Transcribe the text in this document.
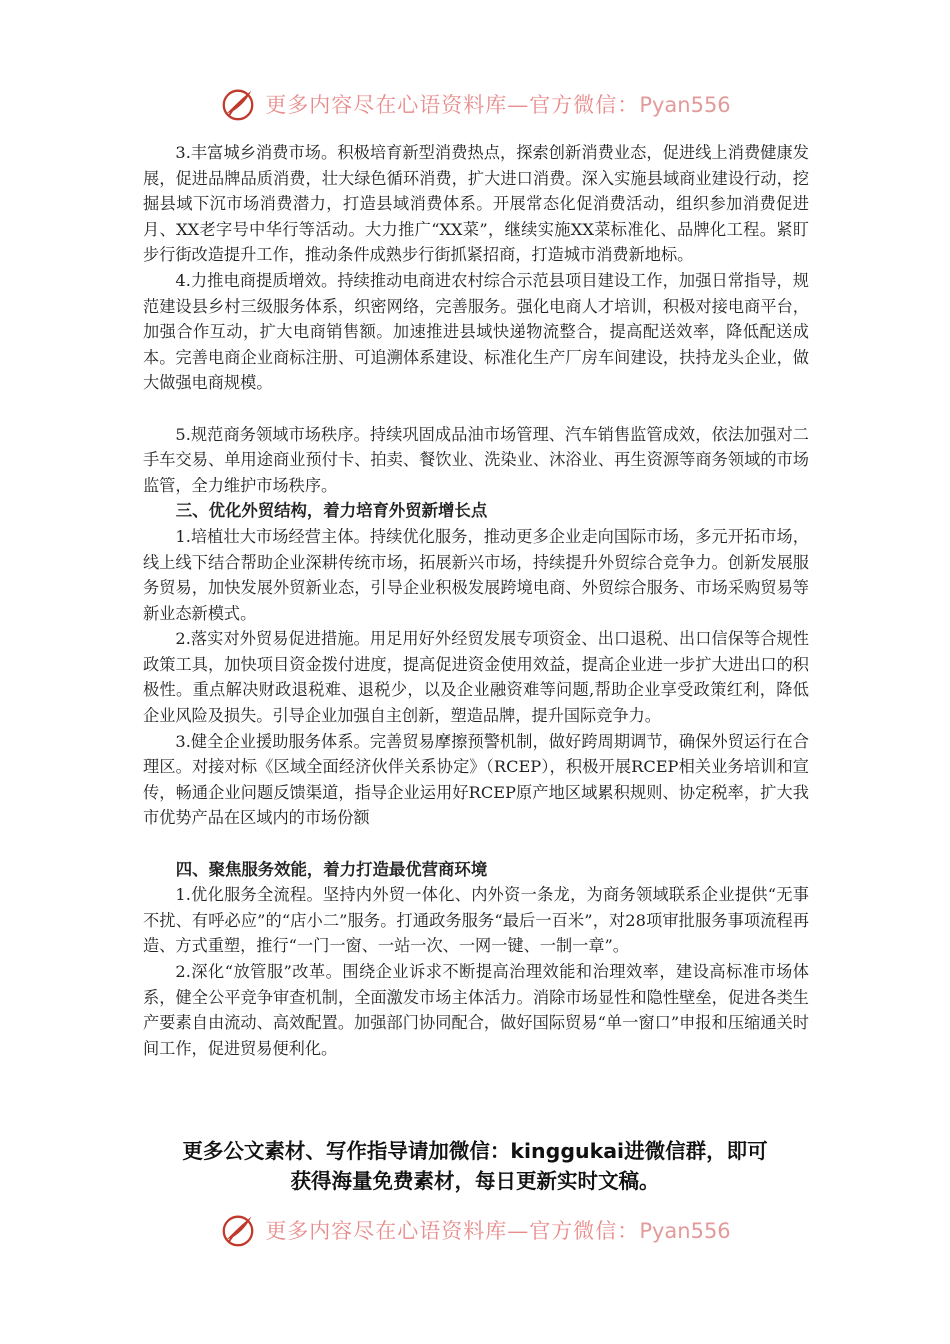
更多内容尽在心语资料库—官方微信：Pyan556

3.丰富城乡消费市场。积极培育新型消费热点，探索创新消费业态，促进线上消费健康发展，促进品牌品质消费，壮大绿色循环消费，扩大进口消费。深入实施县域商业建设行动，挖掘县域下沉市场消费潜力，打造县域消费体系。开展常态化促消费活动，组织参加消费促进月、XX老字号中华行等活动。大力推广“XX菜”，继续实施XX菜标准化、品牌化工程。紧盯步行街改造提升工作，推动条件成熟步行街抓紧招商，打造城市消费新地标。

4.力推电商提质增效。持续推动电商进农村综合示范县项目建设工作，加强日常指导，规范建设县乡村三级服务体系，织密网络，完善服务。强化电商人才培训，积极对接电商平台，加强合作互动，扩大电商销售额。加速推进县域快递物流整合，提高配送效率，降低配送成本。完善电商企业商标注册、可追溯体系建设、标准化生产厂房车间建设，扶持龙头企业，做大做强电商规模。

5.规范商务领域市场秩序。持续巩固成品油市场管理、汽车销售监管成效，依法加强对二手车交易、单用途商业预付卡、拍卖、餐饮业、洗染业、沐浴业、再生资源等商务领域的市场监管，全力维护市场秩序。

三、优化外贸结构，着力培育外贸新增长点

1.培植壮大市场经营主体。持续优化服务，推动更多企业走向国际市场，多元开拓市场，线上线下结合帮助企业深耕传统市场，拓展新兴市场，持续提升外贸综合竞争力。创新发展服务贸易，加快发展外贸新业态，引导企业积极发展跨境电商、外贸综合服务、市场采购贸易等新业态新模式。

2.落实对外贸易促进措施。用足用好外经贸发展专项资金、出口退税、出口信保等合规性政策工具，加快项目资金拨付进度，提高促进资金使用效益，提高企业进一步扩大进出口的积极性。重点解决财政退税难、退税少，以及企业融资难等问题,帮助企业享受政策红利，降低企业风险及损失。引导企业加强自主创新，塑造品牌，提升国际竞争力。

3.健全企业援助服务体系。完善贸易摩擦预警机制，做好跨周期调节，确保外贸运行在合理区。对接对标《区域全面经济伙伴关系协定》（RCEP），积极开展RCEP相关业务培训和宣传，畅通企业问题反馈渠道，指导企业运用好RCEP原产地区域累积规则、协定税率，扩大我市优势产品在区域内的市场份额

四、聚焦服务效能，着力打造最优营商环境

1.优化服务全流程。坚持内外贸一体化、内外资一条龙，为商务领域联系企业提供“无事不扰、有呼必应”的“店小二”服务。打通政务服务“最后一百米”，对28项审批服务事项流程再造、方式重塑，推行“一门一窗、一站一次、一网一键、一制一章”。

2.深化“放管服”改革。围绕企业诉求不断提高治理效能和治理效率，建设高标准市场体系，健全公平竞争审查机制，全面激发市场主体活力。消除市场显性和隐性壁垒，促进各类生产要素自由流动、高效配置。加强部门协同配合，做好国际贸易“单一窗口”申报和压缩通关时间工作，促进贸易便利化。

更多公文素材、写作指导请加微信：kinggukai进微信群，即可
获得海量免费素材，每日更新实时文稿。
更多内容尽在心语资料库—官方微信：Pyan556
